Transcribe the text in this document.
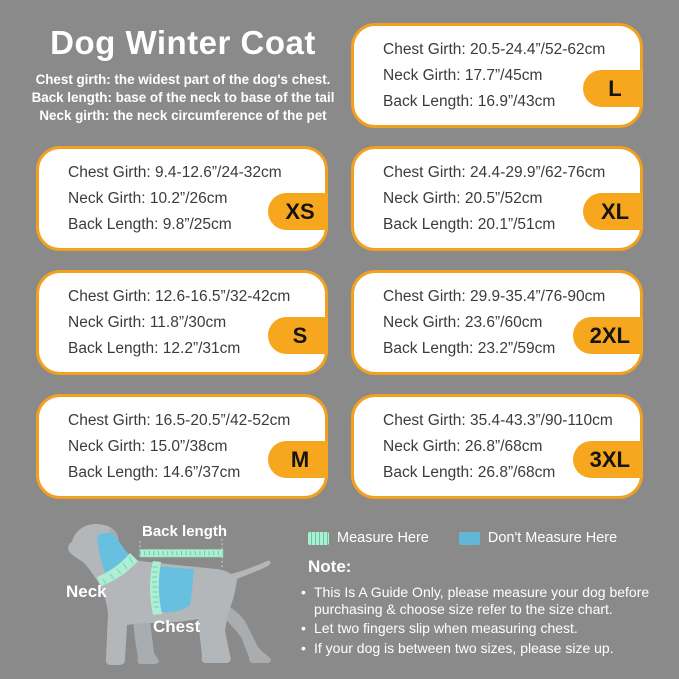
Dog Winter Coat
Chest girth: the widest part of the dog's chest.
Back length: base of the neck to base of the tail
Neck girth: the neck circumference of the pet
Chest Girth: 20.5-24.4”/52-62cm
Neck Girth: 17.7”/45cm
Back Length: 16.9”/43cm
L
Chest Girth: 9.4-12.6”/24-32cm
Neck Girth: 10.2”/26cm
Back Length: 9.8”/25cm
XS
Chest Girth: 24.4-29.9”/62-76cm
Neck Girth: 20.5”/52cm
Back Length: 20.1”/51cm
XL
Chest Girth: 12.6-16.5”/32-42cm
Neck Girth: 11.8”/30cm
Back Length: 12.2”/31cm
S
Chest Girth: 29.9-35.4”/76-90cm
Neck Girth: 23.6”/60cm
Back Length: 23.2”/59cm
2XL
Chest Girth: 16.5-20.5”/42-52cm
Neck Girth: 15.0”/38cm
Back Length: 14.6”/37cm
M
Chest Girth: 35.4-43.3”/90-110cm
Neck Girth: 26.8”/68cm
Back Length: 26.8”/68cm
3XL
Back length
Neck
Chest
Measure Here	Don't Measure Here
Note:
•
This Is A Guide Only, please measure your dog before purchasing & choose size refer to the size chart.
•
Let two fingers slip when measuring chest.
•
If your dog is between two sizes, please size up.
